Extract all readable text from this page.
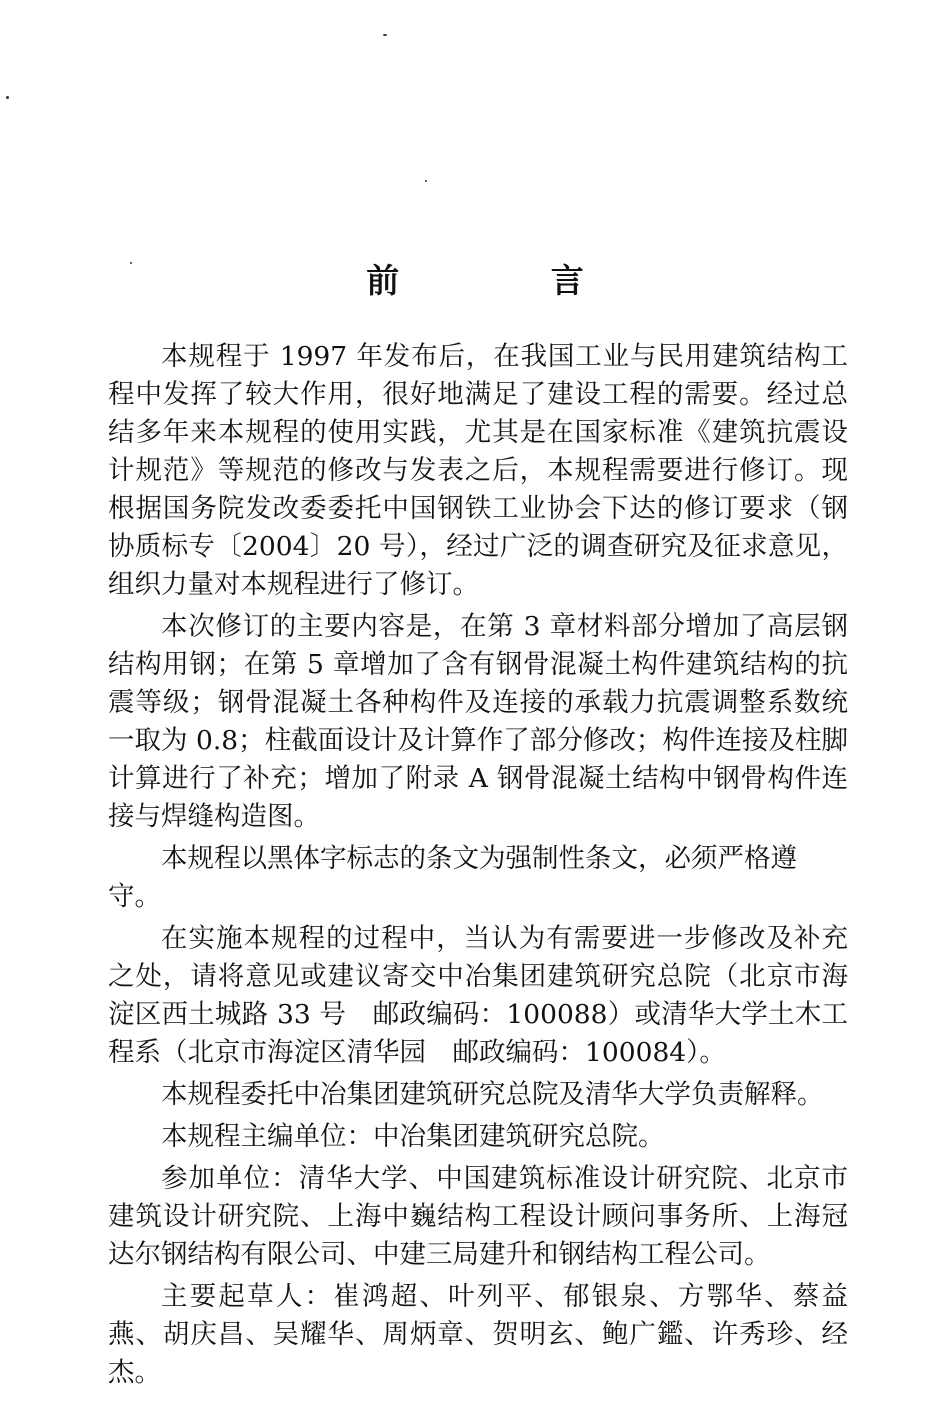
前 言

本规程于 1997 年发布后，在我国工业与民用建筑结构工程中发挥了较大作用，很好地满足了建设工程的需要。经过总结多年来本规程的使用实践，尤其是在国家标准《建筑抗震设计规范》等规范的修改与发表之后，本规程需要进行修订。现根据国务院发改委委托中国钢铁工业协会下达的修订要求（钢协质标专〔2004〕20 号），经过广泛的调查研究及征求意见，组织力量对本规程进行了修订。

本次修订的主要内容是，在第 3 章材料部分增加了高层钢结构用钢；在第 5 章增加了含有钢骨混凝土构件建筑结构的抗震等级；钢骨混凝土各种构件及连接的承载力抗震调整系数统一取为 0.8；柱截面设计及计算作了部分修改；构件连接及柱脚计算进行了补充；增加了附录 A 钢骨混凝土结构中钢骨构件连接与焊缝构造图。

本规程以黑体字标志的条文为强制性条文，必须严格遵守。

在实施本规程的过程中，当认为有需要进一步修改及补充之处，请将意见或建议寄交中冶集团建筑研究总院（北京市海淀区西土城路 33 号　邮政编码：100088）或清华大学土木工程系（北京市海淀区清华园　邮政编码：100084）。

本规程委托中冶集团建筑研究总院及清华大学负责解释。

本规程主编单位：中冶集团建筑研究总院。

参加单位：清华大学、中国建筑标准设计研究院、北京市建筑设计研究院、上海中巍结构工程设计顾问事务所、上海冠达尔钢结构有限公司、中建三局建升和钢结构工程公司。

主要起草人：崔鸿超、叶列平、郁银泉、方鄂华、蔡益燕、胡庆昌、吴耀华、周炳章、贺明玄、鲍广鑑、许秀珍、经杰。
